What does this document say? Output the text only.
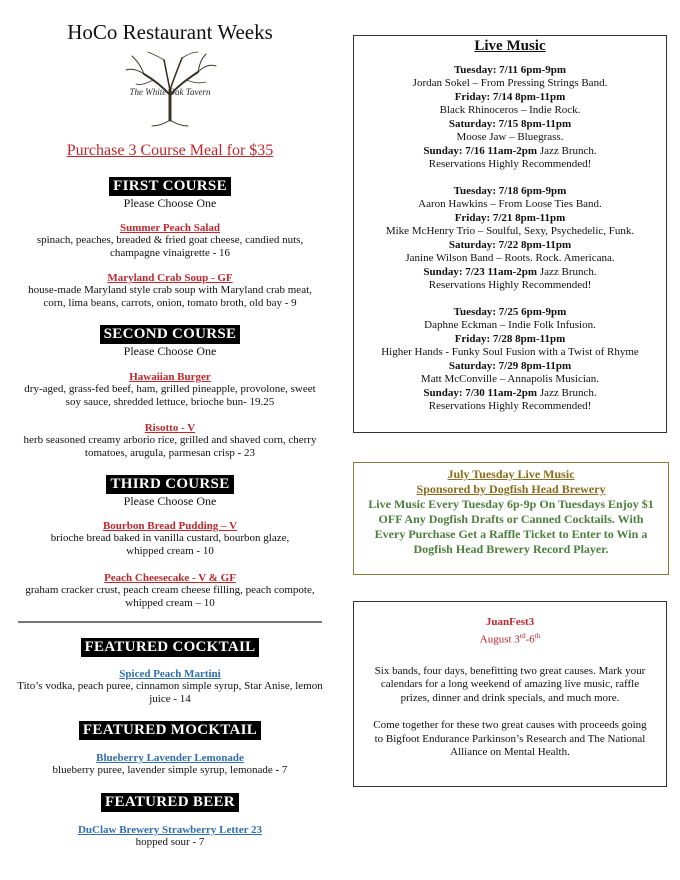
HoCo Restaurant Weeks
The White Oak Tavern
Purchase 3 Course Meal for $35
FIRST COURSE
Please Choose One
Summer Peach Salad
spinach, peaches, breaded & fried goat cheese, candied nuts, champagne vinaigrette - 16
Maryland Crab Soup - GF
house-made Maryland style crab soup with Maryland crab meat, corn, lima beans, carrots, onion, tomato broth, old bay - 9
SECOND COURSE
Please Choose One
Hawaiian Burger
dry-aged, grass-fed beef, ham, grilled pineapple, provolone, sweet soy sauce, shredded lettuce, brioche bun- 19.25
Risotto - V
herb seasoned creamy arborio rice, grilled and shaved corn, cherry tomatoes, arugula, parmesan crisp - 23
THIRD COURSE
Please Choose One
Bourbon Bread Pudding – V
brioche bread baked in vanilla custard, bourbon glaze, whipped cream - 10
Peach Cheesecake - V & GF
graham cracker crust, peach cream cheese filling, peach compote, whipped cream – 10
FEATURED COCKTAIL
Spiced Peach Martini
Tito’s vodka, peach puree, cinnamon simple syrup, Star Anise, lemon juice - 14
FEATURED MOCKTAIL
Blueberry Lavender Lemonade
blueberry puree, lavender simple syrup, lemonade - 7
FEATURED BEER
DuClaw Brewery Strawberry Letter 23
hopped sour - 7
Live Music
Tuesday: 7/11 6pm-9pm
Jordan Sokel – From Pressing Strings Band.
Friday: 7/14 8pm-11pm
Black Rhinoceros – Indie Rock.
Saturday: 7/15 8pm-11pm
Moose Jaw – Bluegrass.
Sunday: 7/16 11am-2pm Jazz Brunch.
Reservations Highly Recommended!
Tuesday: 7/18 6pm-9pm
Aaron Hawkins – From Loose Ties Band.
Friday: 7/21 8pm-11pm
Mike McHenry Trio – Soulful, Sexy, Psychedelic, Funk.
Saturday: 7/22 8pm-11pm
Janine Wilson Band – Roots. Rock. Americana.
Sunday: 7/23 11am-2pm Jazz Brunch.
Reservations Highly Recommended!
Tuesday: 7/25 6pm-9pm
Daphne Eckman – Indie Folk Infusion.
Friday: 7/28 8pm-11pm
Higher Hands - Funky Soul Fusion with a Twist of Rhyme
Saturday: 7/29 8pm-11pm
Matt McConville – Annapolis Musician.
Sunday: 7/30 11am-2pm Jazz Brunch.
Reservations Highly Recommended!
July Tuesday Live Music
Sponsored by Dogfish Head Brewery
Live Music Every Tuesday 6p-9p On Tuesdays Enjoy $1 OFF Any Dogfish Drafts or Canned Cocktails. With Every Purchase Get a Raffle Ticket to Enter to Win a Dogfish Head Brewery Record Player.
JuanFest3
August 3rd-6th

Six bands, four days, benefitting two great causes. Mark your calendars for a long weekend of amazing live music, raffle prizes, dinner and drink specials, and much more.

Come together for these two great causes with proceeds going to Bigfoot Endurance Parkinson’s Research and The National Alliance on Mental Health.
